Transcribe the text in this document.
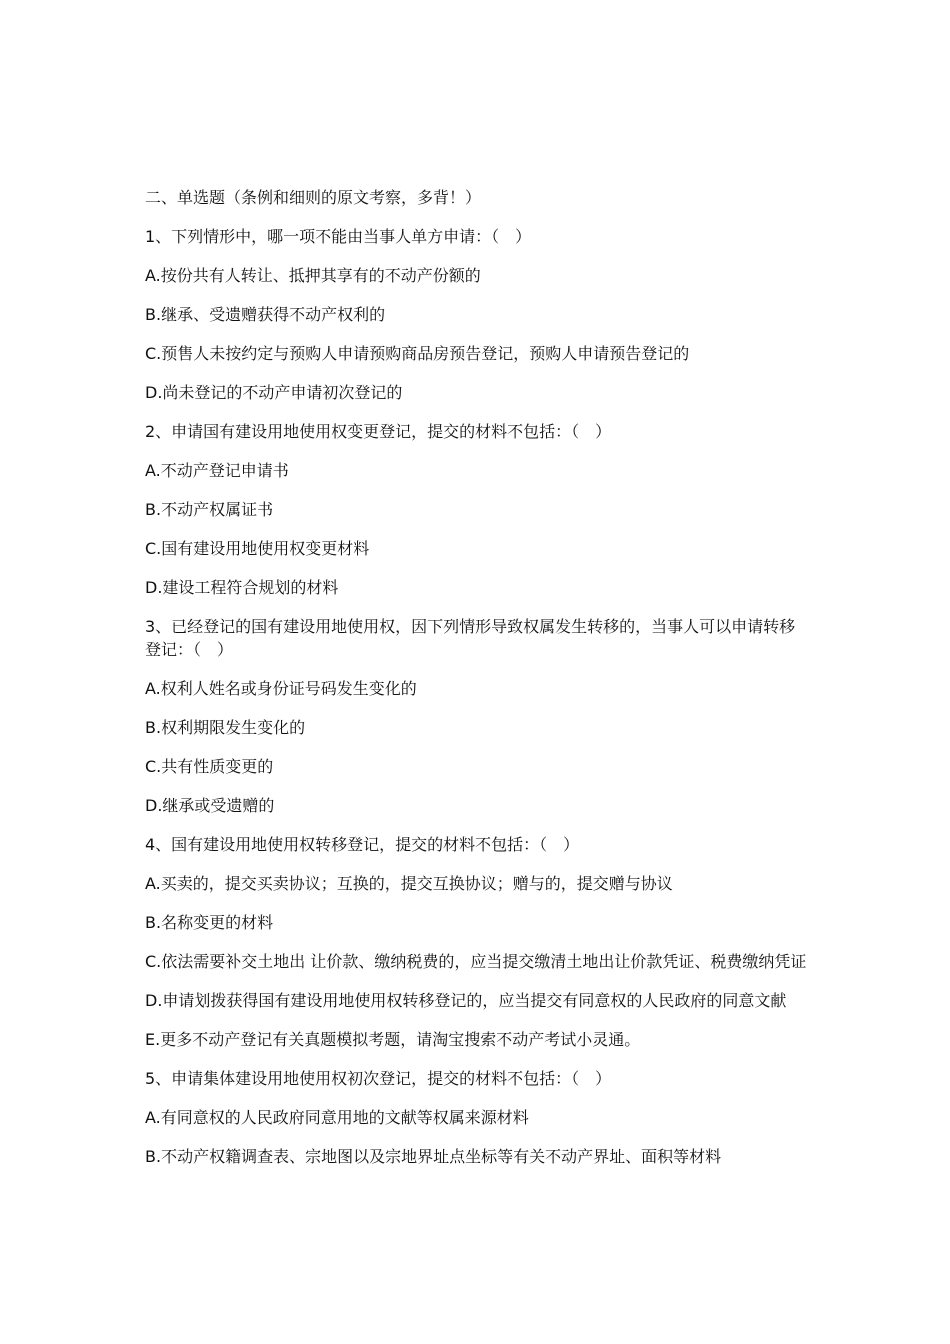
二、单选题（条例和细则的原文考察，多背！）

1、下列情形中，哪一项不能由当事人单方申请：（　）

A.按份共有人转让、抵押其享有的不动产份额的

B.继承、受遗赠获得不动产权利的

C.预售人未按约定与预购人申请预购商品房预告登记，预购人申请预告登记的

D.尚未登记的不动产申请初次登记的

2、申请国有建设用地使用权变更登记，提交的材料不包括：（　）

A.不动产登记申请书

B.不动产权属证书

C.国有建设用地使用权变更材料

D.建设工程符合规划的材料

3、已经登记的国有建设用地使用权，因下列情形导致权属发生转移的，当事人可以申请转移登记：（　）

A.权利人姓名或身份证号码发生变化的

B.权利期限发生变化的

C.共有性质变更的

D.继承或受遗赠的

4、国有建设用地使用权转移登记，提交的材料不包括：（　）

A.买卖的，提交买卖协议；互换的，提交互换协议；赠与的，提交赠与协议

B.名称变更的材料

C.依法需要补交土地出 让价款、缴纳税费的，应当提交缴清土地出让价款凭证、税费缴纳凭证

D.申请划拨获得国有建设用地使用权转移登记的，应当提交有同意权的人民政府的同意文献

E.更多不动产登记有关真题模拟考题，请淘宝搜索不动产考试小灵通。

5、申请集体建设用地使用权初次登记，提交的材料不包括：（　）

A.有同意权的人民政府同意用地的文献等权属来源材料

B.不动产权籍调查表、宗地图以及宗地界址点坐标等有关不动产界址、面积等材料
